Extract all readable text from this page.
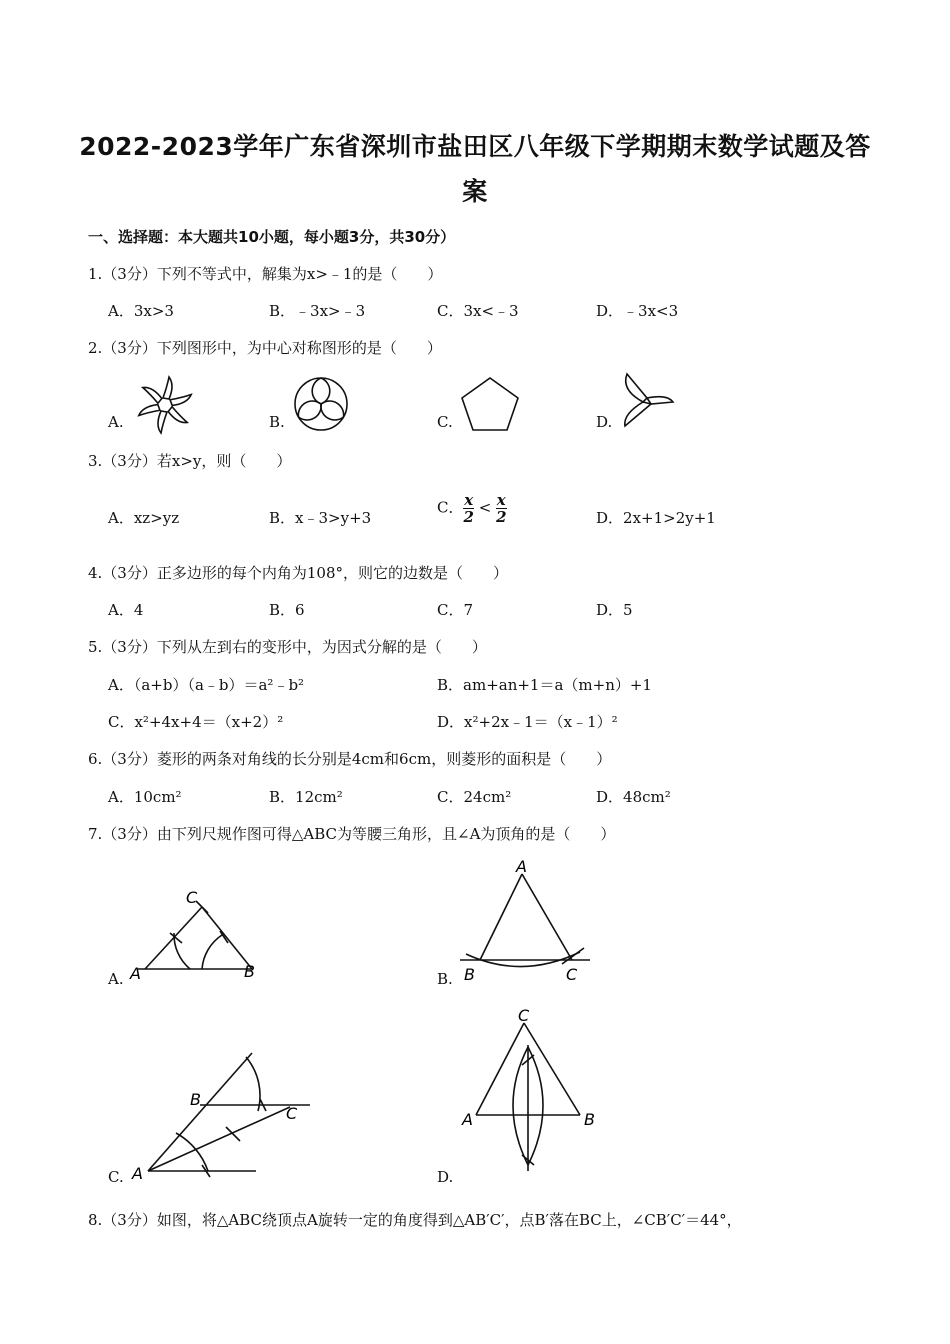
2022-2023学年广东省深圳市盐田区八年级下学期期末数学试题及答
案
一、选择题：本大题共10小题，每小题3分，共30分）
1.（3分）下列不等式中，解集为x>﹣1的是（　　）
A．3x>3	B．﹣3x>﹣3	C．3x<﹣3	D．﹣3x<3
2.（3分）下列图形中，为中心对称图形的是（　　）
A.	B.	C.	D.
3.（3分）若x>y，则（　　）
A．xz>yz	B．x﹣3>y+3
C． $\frac{x}{2} < \frac{x}{2}$	D．2x+1>2y+1
4.（3分）正多边形的每个内角为108°，则它的边数是（　　）
A．4	B．6	C．7	D．5
5.（3分）下列从左到右的变形中，为因式分解的是（　　）
A．（a+b）（a﹣b）＝a²﹣b²	B．am+an+1＝a（m+n）+1
C．x²+4x+4＝（x+2）²	D．x²+2x﹣1＝（x﹣1）²
6.（3分）菱形的两条对角线的长分别是4cm和6cm，则菱形的面积是（　　）
A．10cm²	B．12cm²	C．24cm²	D．48cm²
7.（3分）由下列尺规作图可得△ABC为等腰三角形，且∠A为顶角的是（　　）
A.	B.
C.	D.
A	B
C
A
B	C
A
B
C
C
A	B
8.（3分）如图，将△ABC绕顶点A旋转一定的角度得到△AB′C′，点B′落在BC上，∠CB′C′＝44°，
